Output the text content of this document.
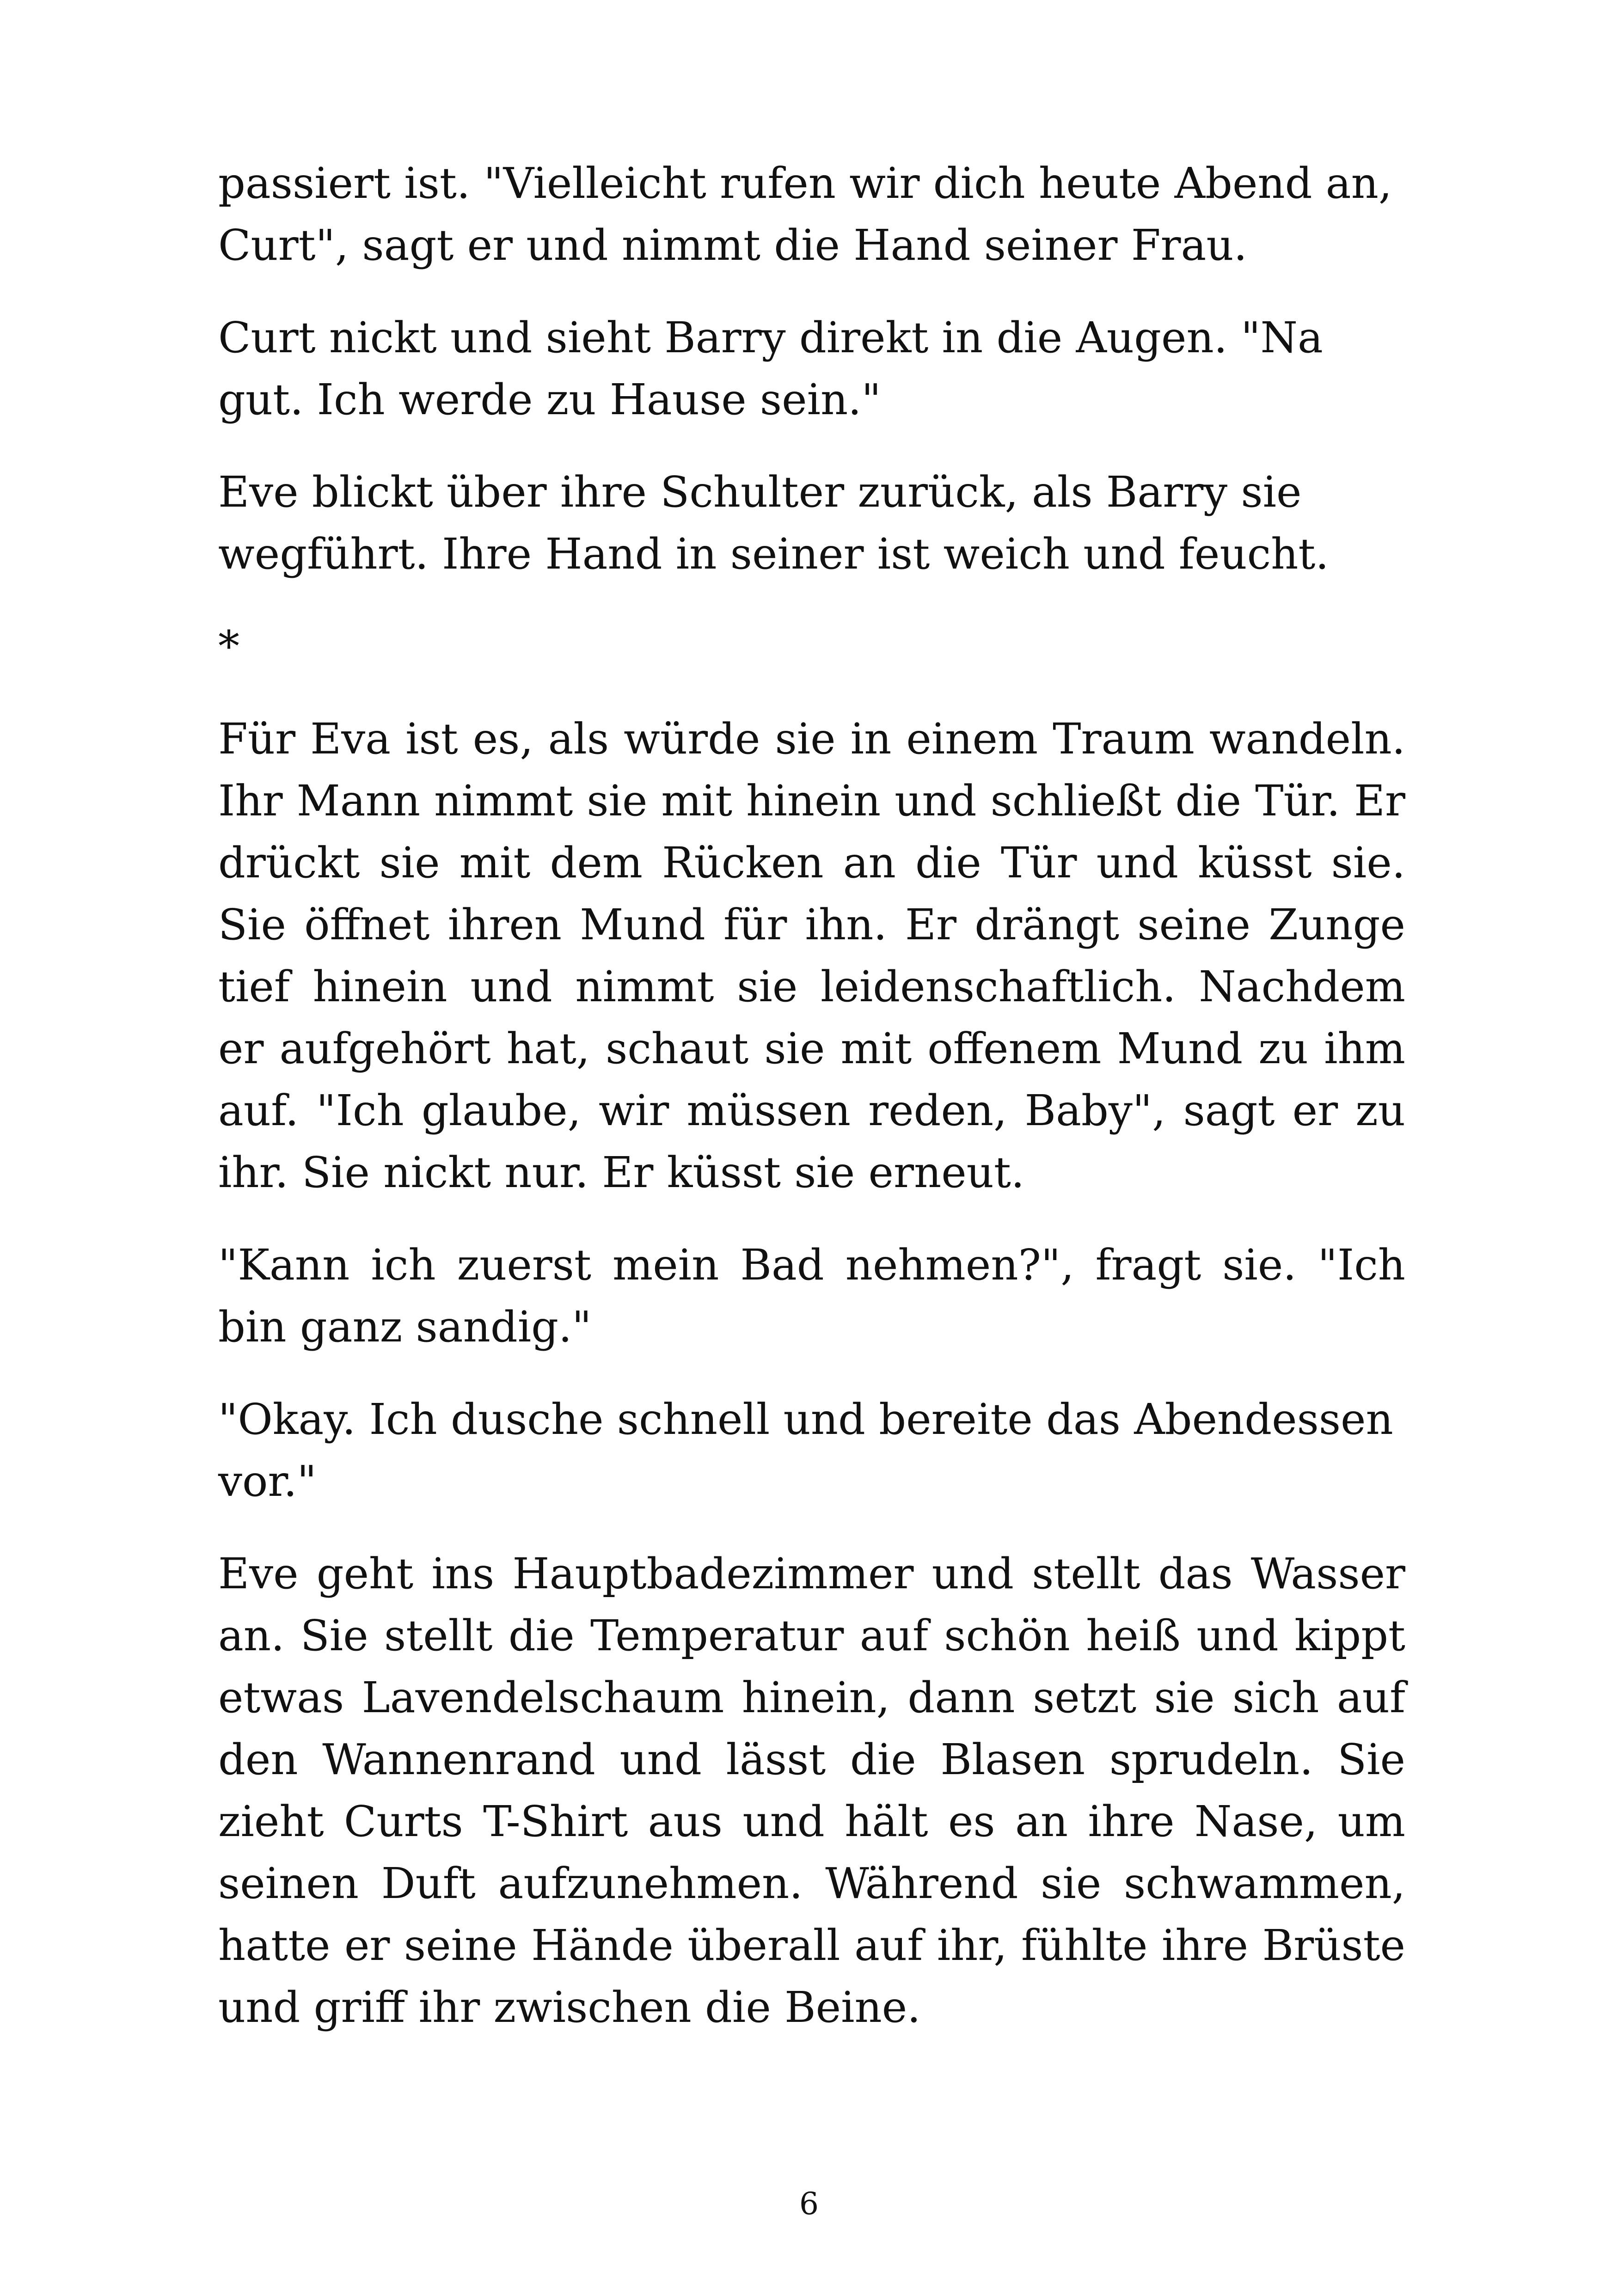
passiert ist. "Vielleicht rufen wir dich heute Abend an, Curt", sagt er und nimmt die Hand seiner Frau.

Curt nickt und sieht Barry direkt in die Augen. "Na gut. Ich werde zu Hause sein."

Eve blickt über ihre Schulter zurück, als Barry sie wegführt. Ihre Hand in seiner ist weich und feucht.

*

Für Eva ist es, als würde sie in einem Traum wandeln. Ihr Mann nimmt sie mit hinein und schließt die Tür. Er drückt sie mit dem Rücken an die Tür und küsst sie. Sie öffnet ihren Mund für ihn. Er drängt seine Zunge tief hinein und nimmt sie leidenschaftlich. Nachdem er aufgehört hat, schaut sie mit offenem Mund zu ihm auf. "Ich glaube, wir müssen reden, Baby", sagt er zu ihr. Sie nickt nur. Er küsst sie erneut.

"Kann ich zuerst mein Bad nehmen?", fragt sie. "Ich bin ganz sandig."

"Okay. Ich dusche schnell und bereite das Abendessen vor."

Eve geht ins Hauptbadezimmer und stellt das Wasser an. Sie stellt die Temperatur auf schön heiß und kippt etwas Lavendelschaum hinein, dann setzt sie sich auf den Wannenrand und lässt die Blasen sprudeln. Sie zieht Curts T-Shirt aus und hält es an ihre Nase, um seinen Duft aufzunehmen. Während sie schwammen, hatte er seine Hände überall auf ihr, fühlte ihre Brüste und griff ihr zwischen die Beine.

6
